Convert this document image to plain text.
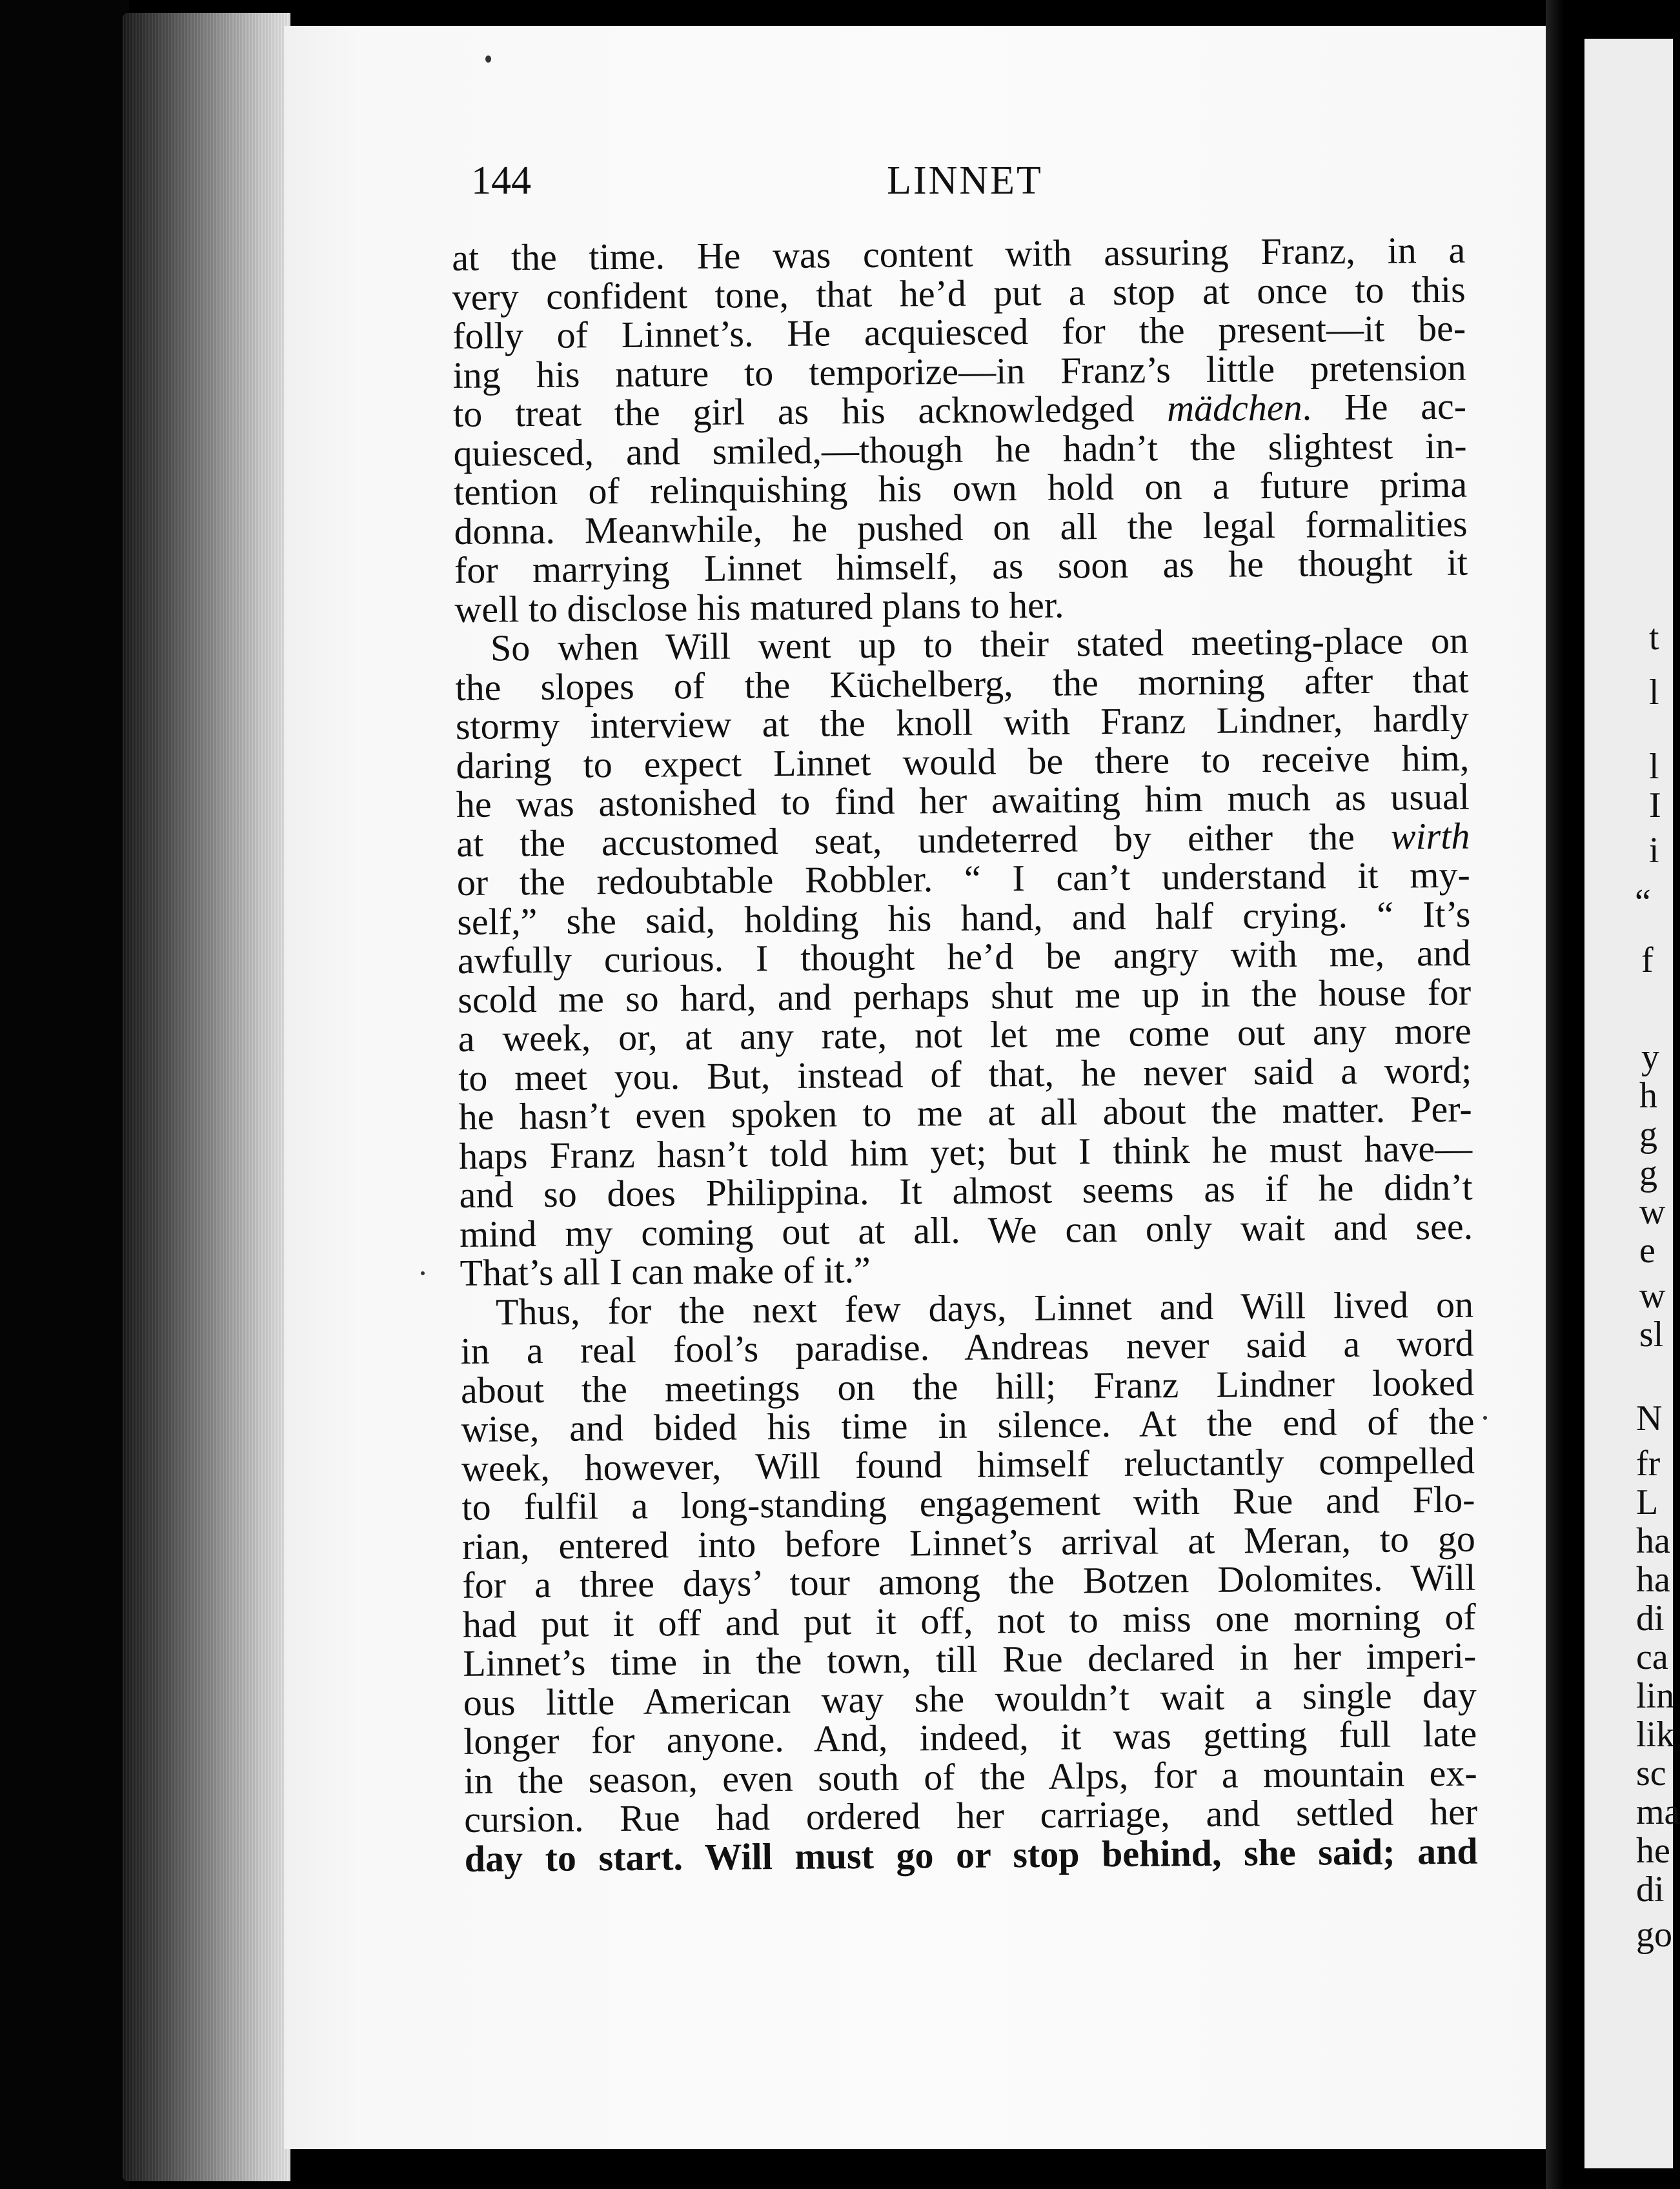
144	LINNET
at the time. He was content with assuring Franz, in a
very confident tone, that he’d put a stop at once to this
folly of Linnet’s. He acquiesced for the present—it be-
ing his nature to temporize—in Franz’s little pretension
to treat the girl as his acknowledged mädchen. He ac-
quiesced, and smiled,—though he hadn’t the slightest in-
tention of relinquishing his own hold on a future prima
donna. Meanwhile, he pushed on all the legal formalities
for marrying Linnet himself, as soon as he thought it
well to disclose his matured plans to her.
So when Will went up to their stated meeting-place on
the slopes of the Küchelberg, the morning after that
stormy interview at the knoll with Franz Lindner, hardly
daring to expect Linnet would be there to receive him,
he was astonished to find her awaiting him much as usual
at the accustomed seat, undeterred by either the wirth
or the redoubtable Robbler. “ I can’t understand it my-
self,” she said, holding his hand, and half crying. “ It’s
awfully curious. I thought he’d be angry with me, and
scold me so hard, and perhaps shut me up in the house for
a week, or, at any rate, not let me come out any more
to meet you. But, instead of that, he never said a word;
he hasn’t even spoken to me at all about the matter. Per-
haps Franz hasn’t told him yet; but I think he must have—
and so does Philippina. It almost seems as if he didn’t
mind my coming out at all. We can only wait and see.
That’s all I can make of it.”
Thus, for the next few days, Linnet and Will lived on
in a real fool’s paradise. Andreas never said a word
about the meetings on the hill; Franz Lindner looked
wise, and bided his time in silence. At the end of the
week, however, Will found himself reluctantly compelled
to fulfil a long-standing engagement with Rue and Flo-
rian, entered into before Linnet’s arrival at Meran, to go
for a three days’ tour among the Botzen Dolomites. Will
had put it off and put it off, not to miss one morning of
Linnet’s time in the town, till Rue declared in her imperi-
ous little American way she wouldn’t wait a single day
longer for anyone. And, indeed, it was getting full late
in the season, even south of the Alps, for a mountain ex-
cursion. Rue had ordered her carriage, and settled her
day to start. Will must go or stop behind, she said; and
t
l
l
I
i
“
f
y
h
g
g
w
e
w
sl
N
fr
L
ha
ha
di
ca
lin
lik
sc
ma
he
di
go
